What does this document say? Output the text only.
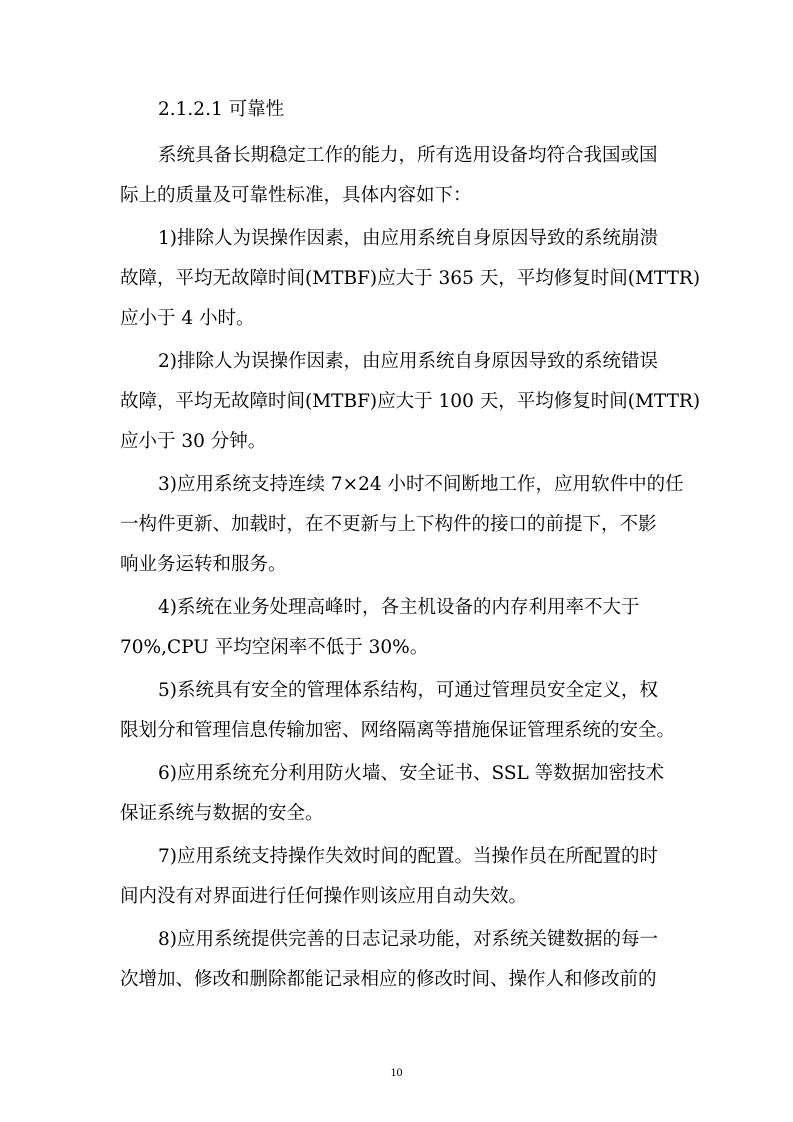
2.1.2.1 可靠性
系统具备长期稳定工作的能力，所有选用设备均符合我国或国
际上的质量及可靠性标准，具体内容如下：
1)排除人为误操作因素，由应用系统自身原因导致的系统崩溃
故障，平均无故障时间(MTBF)应大于 365 天，平均修复时间(MTTR)
应小于 4 小时。
2)排除人为误操作因素，由应用系统自身原因导致的系统错误
故障，平均无故障时间(MTBF)应大于 100 天，平均修复时间(MTTR)
应小于 30 分钟。
3)应用系统支持连续 7×24 小时不间断地工作，应用软件中的任
一构件更新、加载时，在不更新与上下构件的接口的前提下，不影
响业务运转和服务。
4)系统在业务处理高峰时，各主机设备的内存利用率不大于
70%,CPU 平均空闲率不低于 30%。
5)系统具有安全的管理体系结构，可通过管理员安全定义，权
限划分和管理信息传输加密、网络隔离等措施保证管理系统的安全。
6)应用系统充分利用防火墙、安全证书、SSL 等数据加密技术
保证系统与数据的安全。
7)应用系统支持操作失效时间的配置。当操作员在所配置的时
间内没有对界面进行任何操作则该应用自动失效。
8)应用系统提供完善的日志记录功能，对系统关键数据的每一
次增加、修改和删除都能记录相应的修改时间、操作人和修改前的
10
